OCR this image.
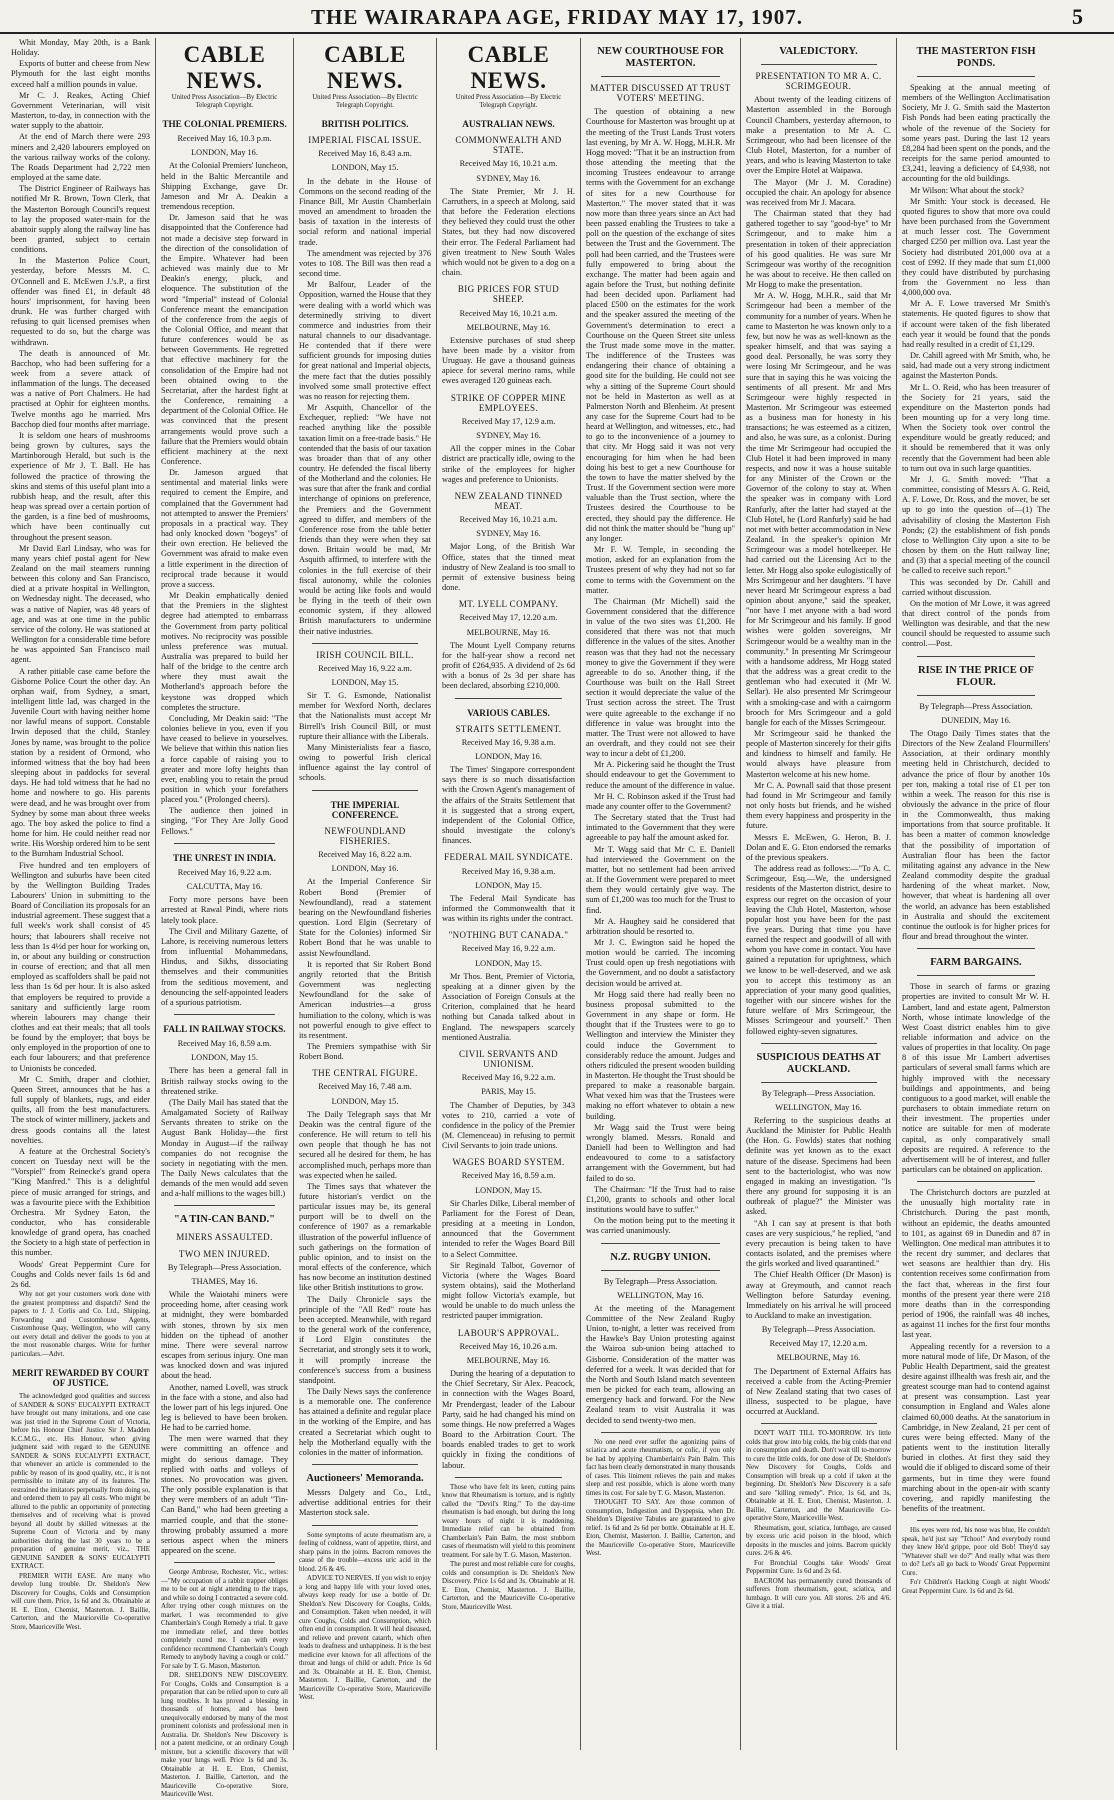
THE WAIRARAPA AGE, FRIDAY MAY 17, 1907.	5

Whit Monday, May 20th, is a Bank Holiday.

Exports of butter and cheese from New Plymouth for the last eight months exceed half a million pounds in value.

Mr C. J. Reakes, Acting Chief Government Veterinarian, will visit Masterton, to-day, in connection with the water supply to the abattoir.

At the end of March there were 293 miners and 2,420 labourers employed on the various railway works of the colony. The Roads Department had 2,722 men employed at the same date.

The District Engineer of Railways has notified Mr R. Brown, Town Clerk, that the Masterton Borough Council's request to lay the proposed water-main for the abattoir supply along the railway line has been granted, subject to certain conditions.

In the Masterton Police Court, yesterday, before Messrs M. C. O'Connell and E. McEwen J.'s.P., a first offender was fined £1, in default 48 hours' imprisonment, for having been drunk. He was further charged with refusing to quit licensed premises when requested to do so, but the charge was withdrawn.

The death is announced of Mr. Bacchop, who had been suffering for a week from a severe attack of inflammation of the lungs. The deceased was a native of Port Chalmers. He had practised at Ophir for eighteen months. Twelve months ago he married. Mrs Bacchop died four months after marriage.

It is seldom one hears of mushrooms being grown by cultures, says the Martinborough Herald, but such is the experience of Mr J. T. Ball. He has followed the practice of throwing the skins and stems of this useful plant into a rubbish heap, and the result, after this heap was spread over a certain portion of the garden, is a fine bed of mushrooms, which have been continually cut throughout the present season.

Mr David Earl Lindsay, who was for many years chief postal agent for New Zealand on the mail steamers running between this colony and San Francisco, died at a private hospital in Wellington, on Wednesday night. The deceased, who was a native of Napier, was 48 years of age, and was at one time in the public service of the colony. He was stationed at Wellington for a considerable time before he was appointed San Francisco mail agent.

A rather pitiable case came before the Gisborne Police Court the other day. An orphan waif, from Sydney, a smart, intelligent little lad, was charged in the Juvenile Court with having neither home nor lawful means of support. Constable Irwin deposed that the child, Stanley Jones by name, was brought to the police station by a resident of Ormond, who informed witness that the boy had been sleeping about in paddocks for several days. He had told witness that he had no home and nowhere to go. His parents were dead, and he was brought over from Sydney by some man about three weeks ago. The boy asked the police to find a home for him. He could neither read nor write. His Worship ordered him to be sent to the Burnham Industrial School.

Five hundred and ten employers of Wellington and suburbs have been cited by the Wellington Building Trades Labourers' Union in submitting to the Board of Conciliation its proposals for an industrial agreement. These suggest that a full week's work shall consist of 45 hours; that labourers shall receive not less than 1s 4½d per hour for working on, in, or about any building or construction in course of erection; and that all men employed as scaffolders shall be paid not less than 1s 6d per hour. It is also asked that employers be required to provide a sanitary and sufficiently large room wherein labourers may change their clothes and eat their meals; that all tools be found by the employer; that boys be only employed in the proportion of one to each four labourers; and that preference to Unionists be conceded.

Mr C. Smith, draper and clothier, Queen Street, announces that he has a full supply of blankets, rugs, and eider quilts, all from the best manufacturers. The stock of winter millinery, jackets and dress goods contains all the latest novelties.

A feature at the Orchestral Society's concert on Tuesday next will be the "Vorspiel" from Reinecke's grand opera "King Manfred." This is a delightful piece of music arranged for strings, and was a favourite piece with the Exhibition Orchestra. Mr Sydney Eaton, the conductor, who has considerable knowledge of grand opera, has coached the Society to a high state of perfection in this number.

Woods' Great Peppermint Cure for Coughs and Colds never fails 1s 6d and 2s 6d.

Why not get your customers work done with the greatest promptness and dispatch? Send the papers to J. J. Corlis and Co. Ltd., Shipping, Forwarding and Customhouse Agents, Customhouse Quay, Wellington, who will carry out every detail and deliver the goods to you at the most reasonable charges. Write for further particulars.—Advt.

MERIT REWARDED BY COURT OF JUSTICE.

The acknowledged good qualities and success of SANDER & SONS' EUCALYPTI EXTRACT have brought out many imitations, and one case was just tried in the Supreme Court of Victoria, before his Honour Chief Justice Sir J. Madden K.C.M.G., etc. His Honour, when giving judgment said with regard to the GENUINE SANDER & SONS EUCALYPTI EXTRACT, that whenever an article is commended to the public by reason of its good quality, etc., it is not permissible to imitate any of its features. The restrained the imitators perpetually from doing so, and ordered them to pay all costs. Who might be allured to the public an opportunity of protecting themselves and of receiving what is proved beyond all doubt by skilled witnesses at the Supreme Court of Victoria and by many authorities during the last 30 years to be a preparation of genuine merit, viz., THE GENUINE SANDER & SONS' EUCALYPTI EXTRACT.

PREMIER WITH EASE. Are many who develop lung trouble. Dr. Sheldon's New Discovery for Coughs, Colds and Consumption will cure them. Price, 1s 6d and 3s. Obtainable at H. E. Eton, Chemist, Masterton. J. Baillie, Carterton, and the Mauriceville Co-operative Store, Mauriceville West.

CABLE NEWS.
United Press Association—By Electric Telegraph Copyright.
THE COLONIAL PREMIERS.
Received May 16, 10.3 p.m.
LONDON, May 16.

At the Colonial Premiers' luncheon, held in the Baltic Mercantile and Shipping Exchange, gave Dr. Jameson and Mr A. Deakin a tremendous reception.

Dr. Jameson said that he was disappointed that the Conference had not made a decisive step forward in the direction of the consolidation of the Empire. Whatever had been achieved was mainly due to Mr Deakin's energy, pluck, and eloquence. The substitution of the word "Imperial" instead of Colonial Conference meant the emancipation of the conference from the aegis of the Colonial Office, and meant that future conferences would be as between Governments. He regretted that effective machinery for the consolidation of the Empire had not been obtained owing to the Secretariat, after the hardest fight at the Conference, remaining a department of the Colonial Office. He was convinced that the present arrangements would prove such a failure that the Premiers would obtain efficient machinery at the next Conference.

Dr. Jameson argued that sentimental and material links were required to cement the Empire, and complained that the Government had not attempted to answer the Premiers' proposals in a practical way. They had only knocked down "bogeys" of their own erection. He believed the Government was afraid to make even a little experiment in the direction of reciprocal trade because it would prove a success.

Mr Deakin emphatically denied that the Premiers in the slightest degree had attempted to embarrass the Government from party political motives. No reciprocity was possible unless preference was mutual. Australia was prepared to build her half of the bridge to the centre arch where they must await the Motherland's approach before the keystone was dropped which completes the structure.

Concluding, Mr Deakin said: "The colonies believe in you, even if you have ceased to believe in yourselves. We believe that within this nation lies a force capable of raising you to greater and more lofty heights than ever, enabling you to retain the proud position in which your forefathers placed you." (Prolonged cheers).

The audience then joined in singing, "For They Are Jolly Good Fellows."

THE UNREST IN INDIA.
Received May 16, 9.22 a.m.
CALCUTTA, May 16.

Forty more persons have been arrested at Rawal Pindi, where riots lately took place.

The Civil and Military Gazette, of Lahore, is receiving numerous letters from influential Mohammedans, Hindus, and Sikhs, dissociating themselves and their communities from the seditious movement, and denouncing the self-appointed leaders of a spurious patriotism.

FALL IN RAILWAY STOCKS.
Received May 16, 8.59 a.m.
LONDON, May 15.

There has been a general fall in British railway stocks owing to the threatened strike.

(The Daily Mail has stated that the Amalgamated Society of Railway Servants threaten to strike on the August Bank Holiday—the first Monday in August—if the railway companies do not recognise the society in negotiating with the men. The Daily News calculates that the demands of the men would add seven and a-half millions to the wages bill.)

"A TIN-CAN BAND."
MINERS ASSAULTED.
TWO MEN INJURED.
By Telegraph—Press Association.
THAMES, May 16.

While the Waiotahi miners were proceeding home, after ceasing work at midnight, they were bombarded with stones, thrown by six men hidden on the tiphead of another mine. There were several narrow escapes from serious injury. One man was knocked down and was injured about the head.

Another, named Lovell, was struck in the face with a stone, and also had the lower part of his legs injured. One leg is believed to have been broken. He had to be carried home.

The men were warned that they were committing an offence and might do serious damage. They replied with oaths and volleys of stones. No provocation was given. The only possible explanation is that they were members of an adult "Tin-Can Band," who had been greeting a married couple, and that the stone-throwing probably assumed a more serious aspect when the miners appeared on the scene.

George Ambrose, Rochester, Vic., writes:—"My occupation of a rabbit trapper obliges me to be out at night attending to the traps, and while so doing I contracted a severe cold. After trying other cough mixtures on the market, I was recommended to give Chamberlain's Cough Remedy a trial. It gave me immediate relief, and three bottles completely cured me. I can with every confidence recommend Chamberlain's Cough Remedy to anybody having a cough or cold." For sale by T. G. Mason, Masterton.

DR. SHELDON'S NEW DISCOVERY. For Coughs, Colds and Consumption is a preparation that can be relied upon to cure all lung troubles. It has proved a blessing in thousands of homes, and has been unequivocally endorsed by many of the most prominent colonists and professional men in Australia. Dr. Sheldon's New Discovery is not a patent medicine, or an ordinary Cough mixture, but a scientific discovery that will make your lungs well. Price 1s 6d and 3s. Obtainable at H. E. Eton, Chemist, Masterton. J. Baillie, Carterton, and the Mauriceville Co-operative Store, Mauriceville West.

CABLE NEWS.
United Press Association—By Electric Telegraph Copyright.
BRITISH POLITICS.
IMPERIAL FISCAL ISSUE.
Received May 16, 8.43 a.m.
LONDON, May 15.

In the debate in the House of Commons on the second reading of the Finance Bill, Mr Austin Chamberlain moved an amendment to broaden the basis of taxation in the interests of social reform and national imperial trade.

The amendment was rejected by 376 votes to 108. The Bill was then read a second time.

Mr Balfour, Leader of the Opposition, warned the House that they were dealing with a world which was determinedly striving to divert commerce and industries from their natural channels to our disadvantage. He contended that if there were sufficient grounds for imposing duties for great national and Imperial objects, the mere fact that the duties possibly involved some small protective effect was no reason for rejecting them.

Mr Asquith, Chancellor of the Exchequer, replied: "We have not reached anything like the possible taxation limit on a free-trade basis." He contended that the basis of our taxation was broader than that of any other country. He defended the fiscal liberty of the Motherland and the colonies. He was sure that after the frank and cordial interchange of opinions on preference, the Premiers and the Government agreed to differ, and members of the Conference rose from the table better friends than they were when they sat down. Britain would be mad, Mr Asquith affirmed, to interfere with the colonies in the full exercise of their fiscal autonomy, while the colonies would be acting like fools and would be flying in the teeth of their own economic system, if they allowed British manufacturers to undermine their native industries.

IRISH COUNCIL BILL.
Received May 16, 9.22 a.m.
LONDON, May 15.

Sir T. G. Esmonde, Nationalist member for Wexford North, declares that the Nationalists must accept Mr Birrell's Irish Council Bill, or must rupture their alliance with the Liberals.

Many Ministerialists fear a fiasco, owing to powerful Irish clerical influence against the lay control of schools.

THE IMPERIAL CONFERENCE.
NEWFOUNDLAND FISHERIES.
Received May 16, 8.22 a.m.
LONDON, May 16.

At the Imperial Conference Sir Robert Bond (Premier of Newfoundland), read a statement bearing on the Newfoundland fisheries question. Lord Elgin (Secretary of State for the Colonies) informed Sir Robert Bond that he was unable to assist Newfoundland.

It is reported that Sir Robert Bond angrily retorted that the British Government was neglecting Newfoundland for the sake of American industries—a gross humiliation to the colony, which is was not powerful enough to give effect to its resentment.

The Premiers sympathise with Sir Robert Bond.

THE CENTRAL FIGURE.
Received May 16, 7.48 a.m.
LONDON, May 15.

The Daily Telegraph says that Mr Deakin was the central figure of the conference. He will return to tell his own people that though he has not secured all he desired for them, he has accomplished much, perhaps more than was expected when he sailed.

The Times says that whatever the future historian's verdict on the particular issues may be, its general purport will be to dwell on the conference of 1907 as a remarkable illustration of the powerful influence of such gatherings on the formation of public opinion, and to insist on the moral effects of the conference, which has now become an institution destined like other British institutions to grow.

The Daily Chronicle says the principle of the "All Red" route has been accepted. Meanwhile, with regard to the general work of the conference, if Lord Elgin constitutes the Secretariat, and strongly sets it to work, it will promptly increase the conference's success from a business standpoint.

The Daily News says the conference is a memorable one. The conference has attained a definite and regular place in the working of the Empire, and has created a Secretariat which ought to help the Motherland equally with the colonies in the matter of information.

Auctioneers' Memoranda.

Messrs Dalgety and Co., Ltd., advertise additional entries for their Masterton stock sale.

Some symptoms of acute rheumatism are, a feeling of coldness, want of appetite, thirst, and sharp pains in the joints. Bacrom removes the cause of the trouble—excess uric acid in the blood. 2/6 & 4/6.

ADVICE TO NERVES. If you wish to enjoy a long and happy life with your loved ones, always keep ready for use a bottle of Dr. Sheldon's New Discovery for Coughs, Colds, and Consumption. Taken when needed, it will cure Coughs, Colds and Consumption, which often end in consumption. It will heal diseased, and relieve and prevent catarrh, which often leads to deafness and unhappiness. It is the best medicine ever known for all affections of the throat and lungs of child or adult. Price 1s 6d and 3s. Obtainable at H. E. Eton, Chemist, Masterton. J. Baillie, Carterton, and the Mauriceville Co-operative Store, Mauriceville West.

CABLE NEWS.
United Press Association—By Electric Telegraph Copyright.
AUSTRALIAN NEWS.
COMMONWEALTH AND STATE.
Received May 16, 10.21 a.m.
SYDNEY, May 16.

The State Premier, Mr J. H. Carruthers, in a speech at Molong, said that before the Federation elections they believed they could trust the other States, but they had now discovered their error. The Federal Parliament had given treatment to New South Wales which would not be given to a dog on a chain.

BIG PRICES FOR STUD SHEEP.
Received May 16, 10.21 a.m.
MELBOURNE, May 16.

Extensive purchases of stud sheep have been made by a visitor from Uruguay. He gave a thousand guineas apiece for several merino rams, while ewes averaged 120 guineas each.

STRIKE OF COPPER MINE EMPLOYEES.
Received May 17, 12.9 a.m.
SYDNEY, May 16.

All the copper mines in the Cobar district are practically idle, owing to the strike of the employees for higher wages and preference to Unionists.

NEW ZEALAND TINNED MEAT.
Received May 16, 10.21 a.m.
SYDNEY, May 16.

Major Long, of the British War Office, states that the tinned meat industry of New Zealand is too small to permit of extensive business being done.

MT. LYELL COMPANY.
Received May 17, 12.20 a.m.
MELBOURNE, May 16.

The Mount Lyell Company returns for the half-year show a record net profit of £264,935. A dividend of 2s 6d with a bonus of 2s 3d per share has been declared, absorbing £210,000.

VARIOUS CABLES.
STRAITS SETTLEMENT.
Received May 16, 9.38 a.m.
LONDON, May 16.

The Times' Singapore correspondent says there is so much dissatisfaction with the Crown Agent's management of the affairs of the Straits Settlement that it is suggested that a strong expert, independent of the Colonial Office, should investigate the colony's finances.

FEDERAL MAIL SYNDICATE.
Received May 16, 9.38 a.m.
LONDON, May 15.

The Federal Mail Syndicate has informed the Commonwealth that it was within its rights under the contract.

"NOTHING BUT CANADA."
Received May 16, 9.22 a.m.
LONDON, May 15.

Mr Thos. Bent, Premier of Victoria, speaking at a dinner given by the Association of Foreign Consuls at the Criterion, complained that he heard nothing but Canada talked about in England. The newspapers scarcely mentioned Australia.

CIVIL SERVANTS AND UNIONISM.
Received May 16, 9.22 a.m.
PARIS, May 15.

The Chamber of Deputies, by 343 votes to 210, carried a vote of confidence in the policy of the Premier (M. Clemenceau) in refusing to permit Civil Servants to join trade unions.

WAGES BOARD SYSTEM.
Received May 16, 8.59 a.m.
LONDON, May 15.

Sir Charles Dilke, Liberal member of Parliament for the Forest of Dean, presiding at a meeting in London, announced that the Government intended to refer the Wages Board Bill to a Select Committee.

Sir Reginald Talbot, Governor of Victoria (where the Wages Board system obtains), said the Motherland might follow Victoria's example, but would be unable to do much unless the restricted pauper immigration.

LABOUR'S APPROVAL.
Received May 16, 10.26 a.m.
MELBOURNE, May 16.

During the hearing of a deputation to the Chief Secretary, Sir Alex. Peacock, in connection with the Wages Board, Mr Prendergast, leader of the Labour Party, said he had changed his mind on some things. He now preferred a Wages Board to the Arbitration Court. The boards enabled trades to get to work quickly in fixing the conditions of labour.

Those who have felt its keen, cutting pains know that Rheumatism is torture, and is rightly called the "Devil's Ring." To the day-time rheumatism is bad enough, but during the long weary hours of night it is maddening. Immediate relief can be obtained from Chamberlain's Pain Balm, the most stubborn cases of rheumatism will yield to this prominent treatment. For sale by T. G. Mason, Masterton.

The purest and most reliable cure for coughs, colds and consumption is Dr. Sheldon's New Discovery. Price 1s 6d and 3s. Obtainable at H. E. Eton, Chemist, Masterton. J. Baillie, Carterton, and the Mauriceville Co-operative Store, Mauriceville West.

NEW COURTHOUSE FOR
MASTERTON.
MATTER DISCUSSED AT TRUST VOTERS' MEETING.

The question of obtaining a new Courthouse for Masterton was brought up at the meeting of the Trust Lands Trust voters last evening, by Mr A. W. Hogg, M.H.R. Mr Hogg moved: "That it be an instruction from those attending the meeting that the incoming Trustees endeavour to arrange terms with the Government for an exchange of sites for a new Courthouse for Masterton." The mover stated that it was now more than three years since an Act had been passed enabling the Trustees to take a poll on the question of the exchange of sites between the Trust and the Government. The poll had been carried, and the Trustees were fully empowered to bring about the exchange. The matter had been again and again before the Trust, but nothing definite had been decided upon. Parliament had placed £500 on the estimates for the work and the speaker assured the meeting of the Government's determination to erect a Courthouse on the Queen Street site unless the Trust made some move in the matter. The indifference of the Trustees was endangering their chance of obtaining a good site for the building. He could not see why a sitting of the Supreme Court should not be held in Masterton as well as at Palmerston North and Blenheim. At present any case for the Supreme Court had to be heard at Wellington, and witnesses, etc., had to go to the inconvenience of a journey to that city. Mr Hogg said it was not very encouraging for him when he had been doing his best to get a new Courthouse for the town to have the matter shelved by the Trust. If the Government section were more valuable than the Trust section, where the Trustees desired the Courthouse to be erected, they should pay the difference. He did not think the matter should be "hung up" any longer.

Mr F. W. Temple, in seconding the motion, asked for an explanation from the Trustees present of why they had not so far come to terms with the Government on the matter.

The Chairman (Mr Michell) said the Government considered that the difference in value of the two sites was £1,200. He considered that there was not that much difference in the values of the sites. Another reason was that they had not the necessary money to give the Government if they were agreeable to do so. Another thing, if the Courthouse was built on the Hall Street section it would depreciate the value of the Trust section across the street. The Trust were quite agreeable to the exchange if no difference in value was brought into the matter. The Trust were not allowed to have an overdraft, and they could not see their way to incur a debt of £1,200.

Mr A. Pickering said he thought the Trust should endeavour to get the Government to reduce the amount of the difference in value.

Mr H. C. Robinson asked if the Trust had made any counter offer to the Government?

The Secretary stated that the Trust had intimated to the Government that they were agreeable to pay half the amount asked for.

Mr T. Wagg said that Mr C. E. Daniell had interviewed the Government on the matter, but no settlement had been arrived at. If the Government were prepared to meet them they would certainly give way. The sum of £1,200 was too much for the Trust to find.

Mr A. Haughey said he considered that arbitration should be resorted to.

Mr J. C. Ewington said he hoped the motion would be carried. The incoming Trust could open up fresh negotiations with the Government, and no doubt a satisfactory decision would be arrived at.

Mr Hogg said there had really been no business proposal submitted to the Government in any shape or form. He thought that if the Trustees were to go to Wellington and interview the Minister they could induce the Government to considerably reduce the amount. Judges and others ridiculed the present wooden building in Masterton. He thought the Trust should be prepared to make a reasonable bargain. What vexed him was that the Trustees were making no effort whatever to obtain a new building.

Mr Wagg said the Trust were being wrongly blamed. Messrs. Ronald and Daniell had been to Wellington and had endeavoured to come to a satisfactory arrangement with the Government, but had failed to do so.

The Chairman: "If the Trust had to raise £1,200, grants to schools and other local institutions would have to suffer."

On the motion being put to the meeting it was carried unanimously.

N.Z. RUGBY UNION.
By Telegraph—Press Association.
WELLINGTON, May 16.

At the meeting of the Management Committee of the New Zealand Rugby Union, to-night, a letter was received from the Hawke's Bay Union protesting against the Wairoa sub-union being attached to Gisborne. Consideration of the matter was deferred for a week. It was decided that for the North and South Island match seventeen men be picked for each team, allowing an emergency back and forward. For the New Zealand team to visit Australia it was decided to send twenty-two men.

No one need ever suffer the agonizing pains of sciatica and acute rheumatism, or colic, if you only be had by applying Chamberlain's Pain Balm. This fact has been clearly demonstrated in many thousands of cases. This liniment relieves the pain and makes sleep and rest possible, which is alone worth many times its cost. For sale by T. G. Mason, Masterton.

THOUGHT TO SAY. Are those common of consumption, Indigestion and Dyspepsia, when Dr. Sheldon's Digestive Tabules are guaranteed to give relief. 1s 6d and 2s 6d per bottle. Obtainable at H. E. Eton, Chemist, Masterton. J. Baillie, Carterton, and the Mauriceville Co-operative Store, Mauriceville West.

VALEDICTORY.
PRESENTATION TO MR A. C. SCRIMGEOUR.

About twenty of the leading citizens of Masterton assembled in the Borough Council Chambers, yesterday afternoon, to make a presentation to Mr A. C. Scrimgeour, who had been licensee of the Club Hotel, Masterton, for a number of years, and who is leaving Masterton to take over the Empire Hotel at Waipawa.

The Mayor (Mr J. M. Coradine) occupied the chair. An apology for absence was received from Mr J. Macara.

The Chairman stated that they had gathered together to say "good-bye" to Mr Scrimgeour, and to make him a presentation in token of their appreciation of his good qualities. He was sure Mr Scrimgeour was worthy of the recognition he was about to receive. He then called on Mr Hogg to make the presentation.

Mr A. W. Hogg, M.H.R., said that Mr Scrimgeour had been a member of the community for a number of years. When he came to Masterton he was known only to a few, but now he was as well-known as the speaker himself, and that was saying a good deal. Personally, he was sorry they were losing Mr Scrimgeour, and he was sure that in saying this he was voicing the sentiments of all present. Mr and Mrs Scrimgeour were highly respected in Masterton. Mr Scrimgeour was esteemed as a business man for honesty in his transactions; he was esteemed as a citizen, and also, he was sure, as a colonist. During the time Mr Scrimgeour had occupied the Club Hotel it had been improved in many respects, and now it was a house suitable for any Minister of the Crown or the Governor of the colony to stay at. When the speaker was in company with Lord Ranfurly, after the latter had stayed at the Club Hotel, he (Lord Ranfurly) said he had not met with better accommodation in New Zealand. In the speaker's opinion Mr Scrimgeour was a model hotelkeeper. He had carried out the Licensing Act to the letter. Mr Hogg also spoke eulogistically of Mrs Scrimgeour and her daughters. "I have never heard Mr Scrimgeour express a bad opinion about anyone," said the speaker, "nor have I met anyone with a bad word for Mr Scrimgeour and his family. If good wishes were golden sovereigns, Mr Scrimgeour would be a wealthy man in the community." In presenting Mr Scrimgeour with a handsome address, Mr Hogg stated that the address was a great credit to the gentleman who had executed it (Mr W. Sellar). He also presented Mr Scrimgeour with a smoking-case and with a cairngorm brooch for Mrs Scrimgeour and a gold bangle for each of the Misses Scrimgeour.

Mr Scrimgeour said he thanked the people of Masterton sincerely for their gifts and kindness to himself and family. He would always have pleasure from Masterton welcome at his new home.

Mr C. A. Pownall said that those present had found in Mr Scrimgeour and family not only hosts but friends, and he wished them every happiness and prosperity in the future.

Messrs E. McEwen, G. Heron, B. J. Dolan and E. G. Eton endorsed the remarks of the previous speakers.

The address read as follows:—"To A. C. Scrimgeour, Esq.—We, the undersigned residents of the Masterton district, desire to express our regret on the occasion of your leaving the Club Hotel, Masterton, whose popular host you have been for the past five years. During that time you have earned the respect and goodwill of all with whom you have come in contact. You have gained a reputation for uprightness, which we know to be well-deserved, and we ask you to accept this testimony as an appreciation of your many good qualities, together with our sincere wishes for the future welfare of Mrs Scrimgeour, the Misses Scrimgeour and yourself." Then followed eighty-seven signatures.

SUSPICIOUS DEATHS AT AUCKLAND.
By Telegraph—Press Association.
WELLINGTON, May 16.

Referring to the suspicious deaths at Auckland the Minister for Public Health (the Hon. G. Fowlds) states that nothing definite was yet known as to the exact nature of the disease. Specimens had been sent to the bacteriologist, who was now engaged in making an investigation. "Is there any ground for supposing it is an outbreak of plague?" the Minister was asked.

"Ah I can say at present is that both cases are very suspicious," he replied, "and every precaution is being taken to have contacts isolated, and the premises where the girls worked and lived quarantined."

The Chief Health Officer (Dr Mason) is away at Greymouth, and cannot reach Wellington before Saturday evening. Immediately on his arrival he will proceed to Auckland to make an investigation.

By Telegraph—Press Association.
Received May 17, 12.20 a.m.
MELBOURNE, May 16.

The Department of External Affairs has received a cable from the Acting-Premier of New Zealand stating that two cases of illness, suspected to be plague, have occurred at Auckland.

DON'T WAIT TILL TO-MORROW. It's little colds that grow into big colds, the big colds that end in consumption and death. Don't wait till to-morrow to cure the little colds, for one dose of Dr. Sheldon's New Discovery for Coughs, Colds and Consumption will break up a cold if taken at the beginning. Dr. Sheldon's New Discovery is a safe and sure "killing remedy". Price, 1s 6d, and 3s, Obtainable at H. E. Eton, Chemist, Masterton. J. Baillie, Carterton, and the Mauriceville Co-operative Store, Mauriceville West.

Rheumatism, gout, sciatica, lumbago, are caused by excess uric acid poison in the blood, which deposits in the muscles and joints. Bacrom quickly cures. 2/6 & 4/6.

For Bronchial Coughs take Woods' Great Peppermint Cure. 1s 6d and 2s 6d.

BACROM has permanently cured thousands of sufferers from rheumatism, gout, sciatica, and lumbago. It will cure you. All stores. 2/6 and 4/6. Give it a trial.

THE MASTERTON FISH PONDS.

Speaking at the annual meeting of members of the Wellington Acclimatisation Society, Mr J. G. Smith said the Masterton Fish Ponds had been eating practically the whole of the revenue of the Society for some years past. During the last 12 years £8,284 had been spent on the ponds, and the receipts for the same period amounted to £3,241, leaving a deficiency of £4,938, not accounting for the old buildings.

Mr Wilson: What about the stock?

Mr Smith: Your stock is deceased. He quoted figures to show that more ova could have been purchased from the Government at much lesser cost. The Government charged £250 per million ova. Last year the Society had distributed 201,000 ova at a cost of £992. If they made that sum £1,000 they could have distributed by purchasing from the Government no less than 4,000,000 ova.

Mr A. F. Lowe traversed Mr Smith's statements. He quoted figures to show that if account were taken of the fish liberated each year it would be found that the ponds had really resulted in a credit of £1,129.

Dr. Cahill agreed with Mr Smith, who, he said, had made out a very strong indictment against the Masterton Ponds.

Mr L. O. Reid, who has been treasurer of the Society for 21 years, said the expenditure on the Masterton ponds had been mounting up for a very long time. When the Society took over control the expenditure would be greatly reduced; and it should be remembered that it was only recently that the Government had been able to turn out ova in such large quantities.

Mr J. G. Smith moved: "That a committee, consisting of Messrs A. G. Reid, A. F. Lowe, Dr. Ross, and the mover, be set up to go into the question of—(1) The advisability of closing the Masterton Fish Ponds; (2) the establishment of fish ponds close to Wellington City upon a site to be chosen by them on the Hutt railway line; and (3) that a special meeting of the council be called to receive such report."

This was seconded by Dr. Cahill and carried without discussion.

On the motion of Mr Lowe, it was agreed that direct control of the ponds from Wellington was desirable, and that the new council should be requested to assume such control.—Post.

RISE IN THE PRICE OF FLOUR.
By Telegraph—Press Association.
DUNEDIN, May 16.

The Otago Daily Times states that the Directors of the New Zealand Flourmillers' Association, at their ordinary monthly meeting held in Christchurch, decided to advance the price of flour by another 10s per ton, making a total rise of £1 per ton within a week. The reason for this rise is obviously the advance in the price of flour in the Commonwealth, thus making importations from that source profitable. It has been a matter of common knowledge that the possibility of importation of Australian flour has been the factor militating against any advance in the New Zealand commodity despite the gradual hardening of the wheat market. Now, however, that wheat is hardening all over the world, an advance has been established in Australia and should the excitement continue the outlook is for higher prices for flour and bread throughout the winter.

FARM BARGAINS.

Those in search of farms or grazing properties are invited to consult Mr W. H. Lambert, land and estate agent, Palmerston North, whose intimate knowledge of the West Coast district enables him to give reliable information and advice on the values of properties in that locality. On page 8 of this issue Mr Lambert advertises particulars of several small farms which are highly improved with the necessary buildings and appointments, and being contiguous to a good market, will enable the purchasers to obtain immediate return on their investment. The properties under notice are suitable for men of moderate capital, as only comparatively small deposits are required. A reference to the advertisement will be of interest, and fuller particulars can be obtained on application.

The Christchurch doctors are puzzled at the unusually high mortality rate in Christchurch. During the past month, without an epidemic, the deaths amounted to 101, as against 69 in Dunedin and 87 in Wellington. One medical man attributes it to the recent dry summer, and declares that wet seasons are healthier than dry. His contention receives some confirmation from the fact that, whereas in the first four months of the present year there were 218 more deaths than in the corresponding period of 1906, the rainfall was 48 inches, as against 11 inches for the first four months last year.

Appealing recently for a reversion to a more natural mode of life, Dr Mason, of the Public Health Department, said the greatest desire against illhealth was fresh air, and the greatest scourge man had to contend against at present was consumption. Last year consumption in England and Wales alone claimed 60,000 deaths. At the sanatorium in Cambridge, in New Zealand, 21 per cent of cures were being effected. Many of the patients went to the institution literally buried in clothes. At first they said they would die if obliged to discard some of their garments, but in time they were found marching about in the open-air with scanty covering, and rapidly manifesting the benefits of the treatment.

His eyes were red, his nose was blue, He couldn't speak, he'd just say "Tchoo!" And everybody round they knew He'd grippe, poor old Bob! They'd say "Whatever shall we do?" And really what was there to do? Let's all go back to Woods' Great Peppermint Cure.

Fo'r Children's Hacking Cough at night Woods' Great Peppermint Cure. 1s 6d and 2s 6d.
